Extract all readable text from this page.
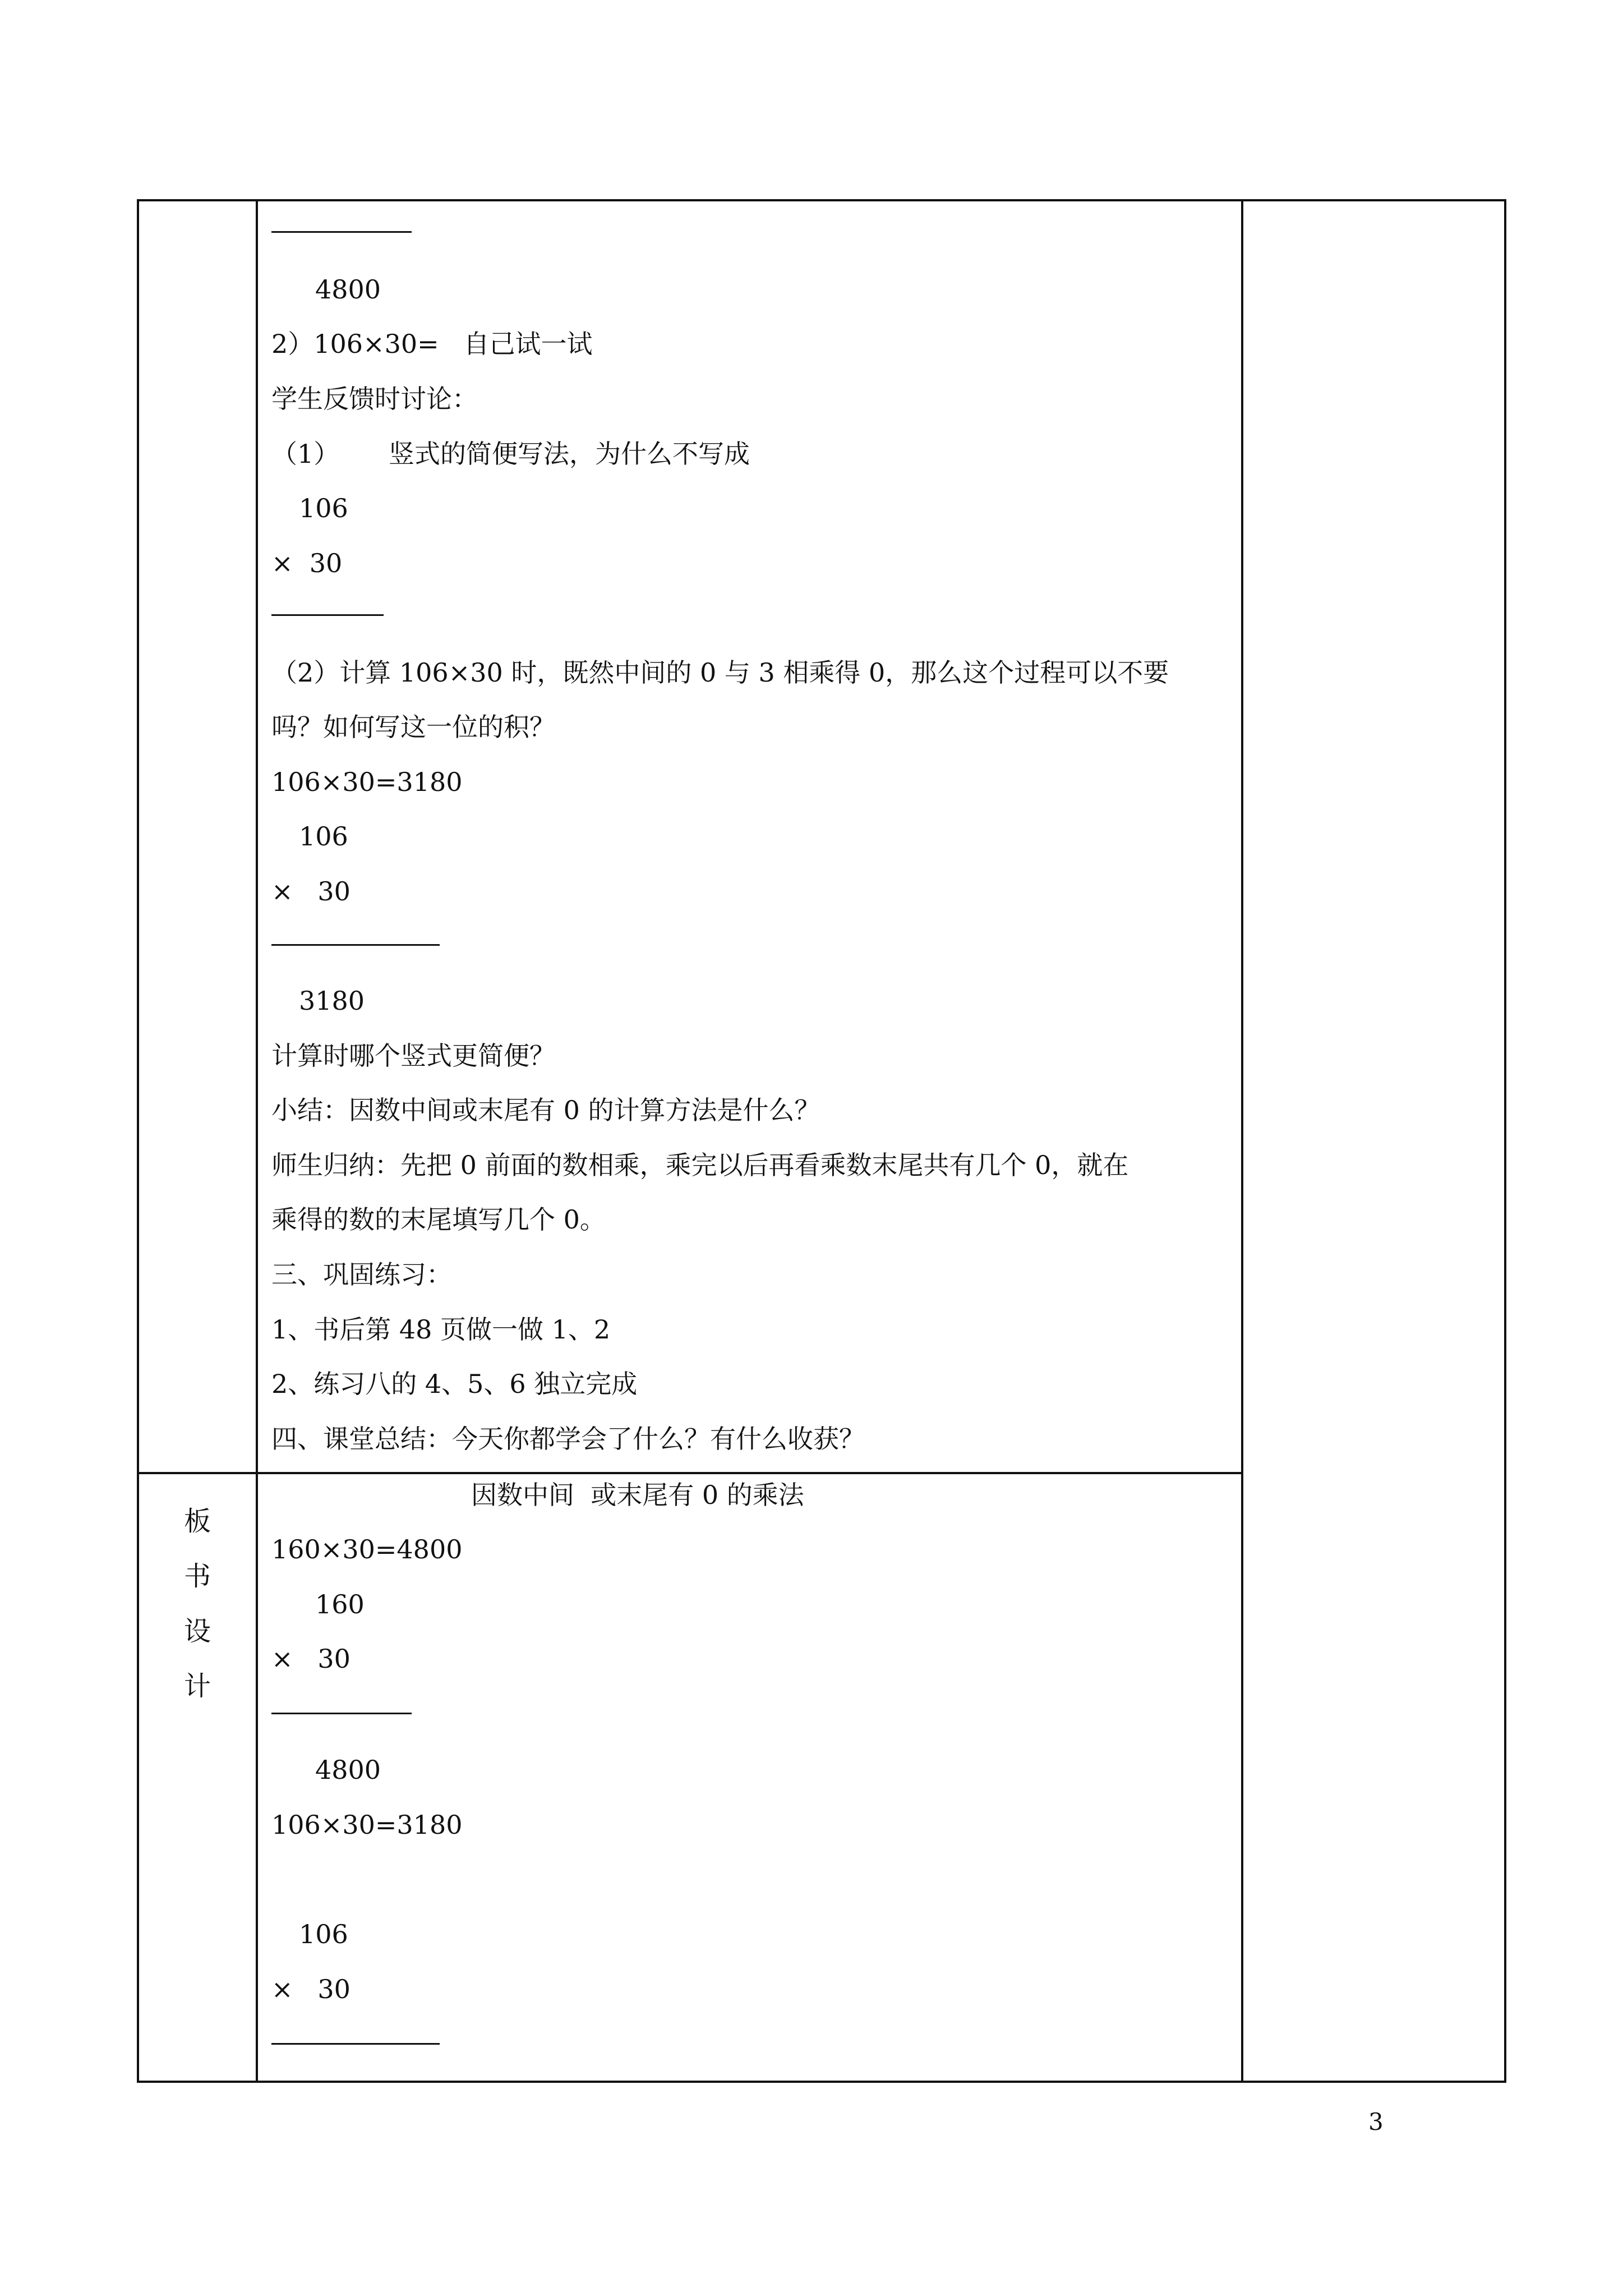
板
书
设
计
4800
2）106×30=   自己试一试
学生反馈时讨论：
（1）      竖式的简便写法，为什么不写成
106
×  30
（2）计算 106×30 时，既然中间的 0 与 3 相乘得 0，那么这个过程可以不要
吗？如何写这一位的积？
106×30=3180
106
×   30
3180
计算时哪个竖式更简便？
小结：因数中间或末尾有 0 的计算方法是什么？
师生归纳：先把 0 前面的数相乘，乘完以后再看乘数末尾共有几个 0，就在
乘得的数的末尾填写几个 0。
三、巩固练习：
1、书后第 48 页做一做 1、2
2、练习八的 4、5、6 独立完成
四、课堂总结：今天你都学会了什么？有什么收获？
因数中间  或末尾有 0 的乘法
160×30=4800
160
×   30
4800
106×30=3180
106
×   30
3
